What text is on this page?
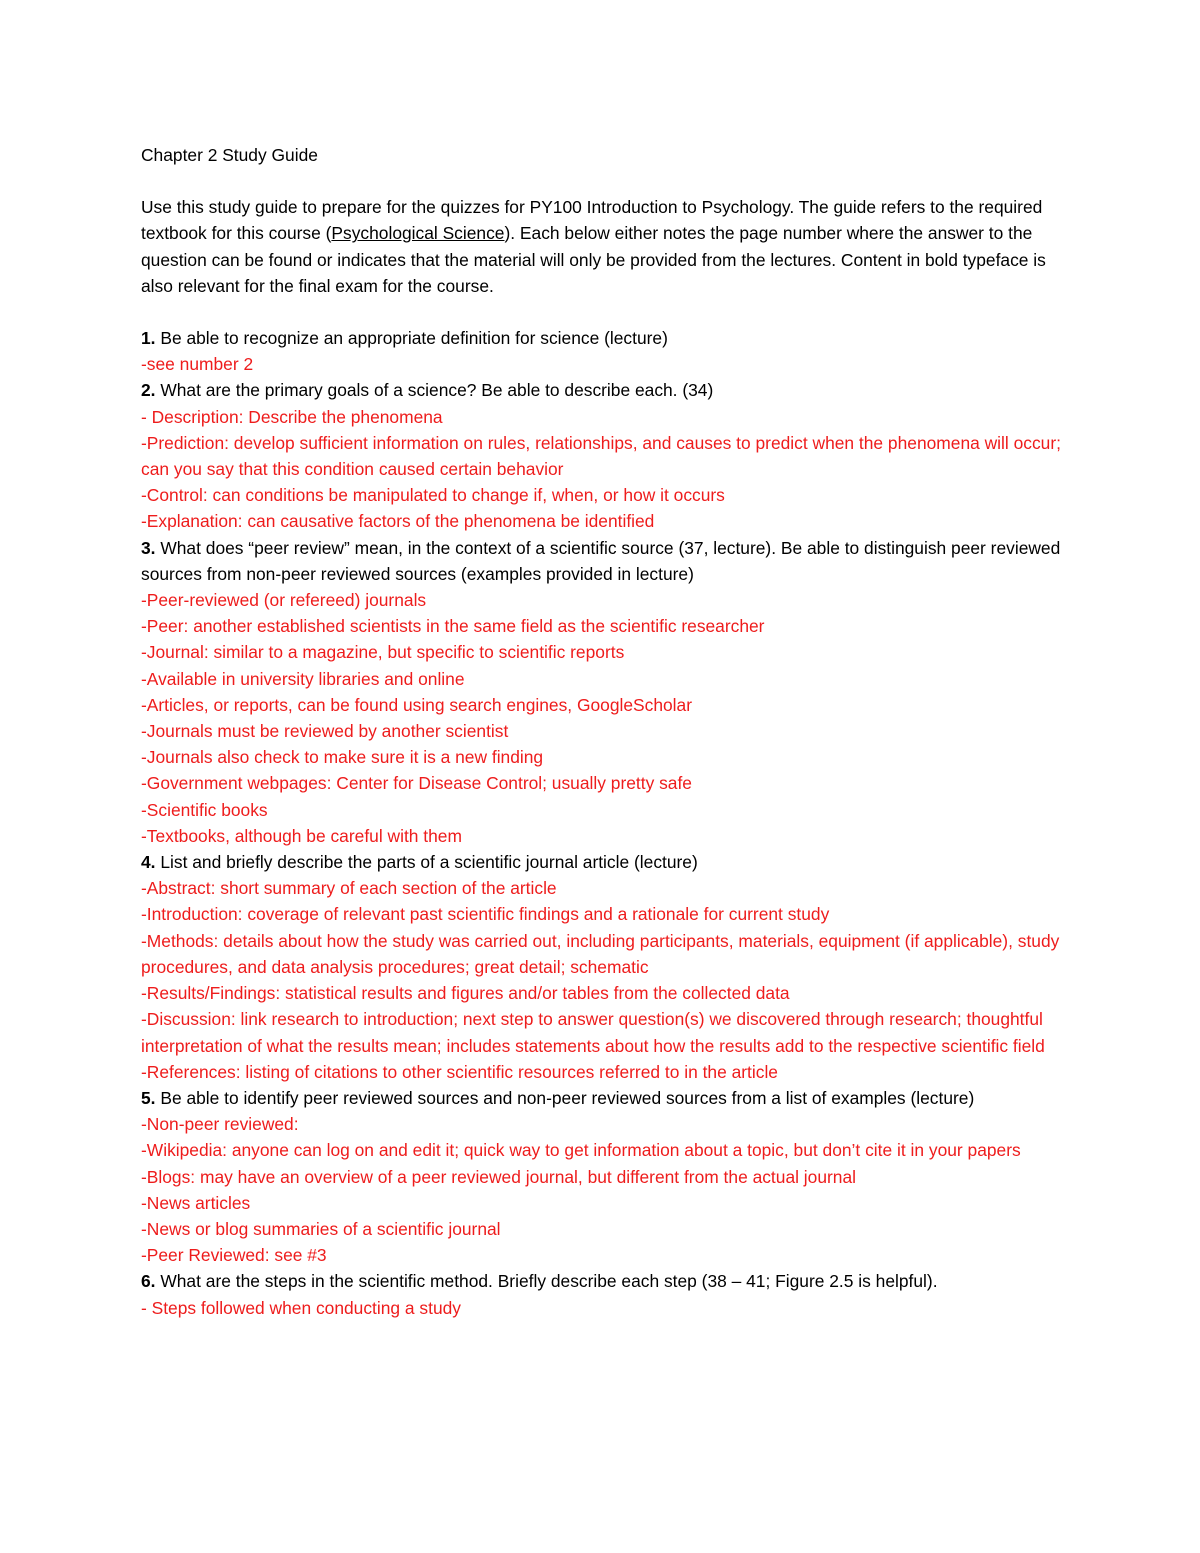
Chapter 2 Study Guide
Use this study guide to prepare for the quizzes for PY100 Introduction to Psychology. The guide refers to the required textbook for this course (Psychological Science). Each below either notes the page number where the answer to the question can be found or indicates that the material will only be provided from the lectures. Content in bold typeface is also relevant for the final exam for the course.
1. Be able to recognize an appropriate definition for science (lecture)
-see number 2
2. What are the primary goals of a science? Be able to describe each. (34)
- Description: Describe the phenomena
-Prediction: develop sufficient information on rules, relationships, and causes to predict when the phenomena will occur; can you say that this condition caused certain behavior
-Control: can conditions be manipulated to change if, when, or how it occurs
-Explanation: can causative factors of the phenomena be identified
3. What does “peer review” mean, in the context of a scientific source (37, lecture). Be able to distinguish peer reviewed sources from non-peer reviewed sources (examples provided in lecture)
-Peer-reviewed (or refereed) journals
-Peer: another established scientists in the same field as the scientific researcher
-Journal: similar to a magazine, but specific to scientific reports
-Available in university libraries and online
-Articles, or reports, can be found using search engines, GoogleScholar
-Journals must be reviewed by another scientist
-Journals also check to make sure it is a new finding
-Government webpages: Center for Disease Control; usually pretty safe
-Scientific books
-Textbooks, although be careful with them
4. List and briefly describe the parts of a scientific journal article (lecture)
-Abstract: short summary of each section of the article
-Introduction: coverage of relevant past scientific findings and a rationale for current study
-Methods: details about how the study was carried out, including participants, materials, equipment (if applicable), study procedures, and data analysis procedures; great detail; schematic
-Results/Findings: statistical results and figures and/or tables from the collected data
-Discussion: link research to introduction; next step to answer question(s) we discovered through research; thoughtful interpretation of what the results mean; includes statements about how the results add to the respective scientific field
-References: listing of citations to other scientific resources referred to in the article
5. Be able to identify peer reviewed sources and non-peer reviewed sources from a list of examples (lecture)
-Non-peer reviewed:
-Wikipedia: anyone can log on and edit it; quick way to get information about a topic, but don’t cite it in your papers
-Blogs: may have an overview of a peer reviewed journal, but different from the actual journal
-News articles
-News or blog summaries of a scientific journal
-Peer Reviewed: see #3
6. What are the steps in the scientific method. Briefly describe each step (38 – 41; Figure 2.5 is helpful).
- Steps followed when conducting a study
